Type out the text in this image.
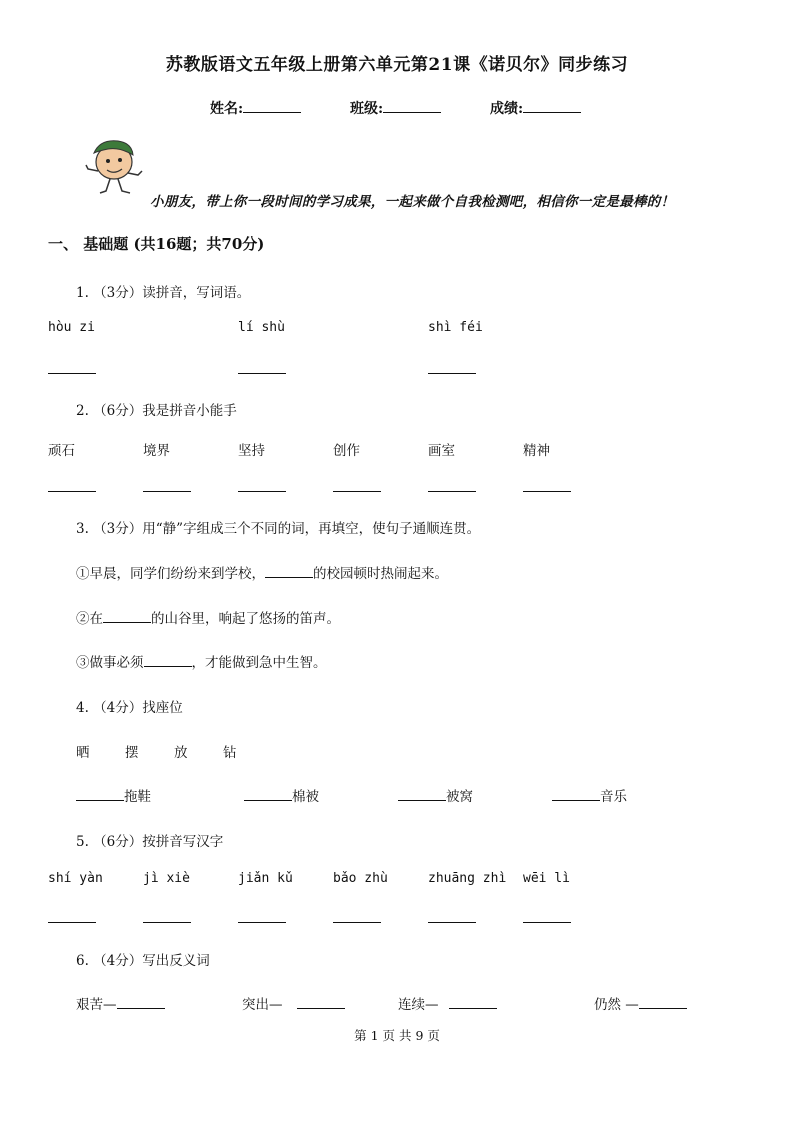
苏教版语文五年级上册第六单元第21课《诺贝尔》同步练习
姓名:	班级:	成绩:
小朋友，带上你一段时间的学习成果，一起来做个自我检测吧，相信你一定是最棒的！
一、 基础题 (共16题；共70分)
1. （3分）读拼音，写词语。
hòu zi	lí shù	shì féi
2. （6分）我是拼音小能手
顽石	境界	坚持	创作	画室	精神
3. （3分）用“静”字组成三个不同的词，再填空，使句子通顺连贯。
①早晨，同学们纷纷来到学校，	的校园顿时热闹起来。
②在	的山谷里，响起了悠扬的笛声。
③做事必须	，才能做到急中生智。
4. （4分）找座位
晒	摆	放	钻
拖鞋	棉被	被窝	音乐
5. （6分）按拼音写汉字
shí yàn	jì xiè	jiǎn kǔ	bǎo zhù	zhuāng zhì wēi lì
6. （4分）写出反义词
艰苦—	突出—	连续—	仍然 —
第 1 页 共 9 页
